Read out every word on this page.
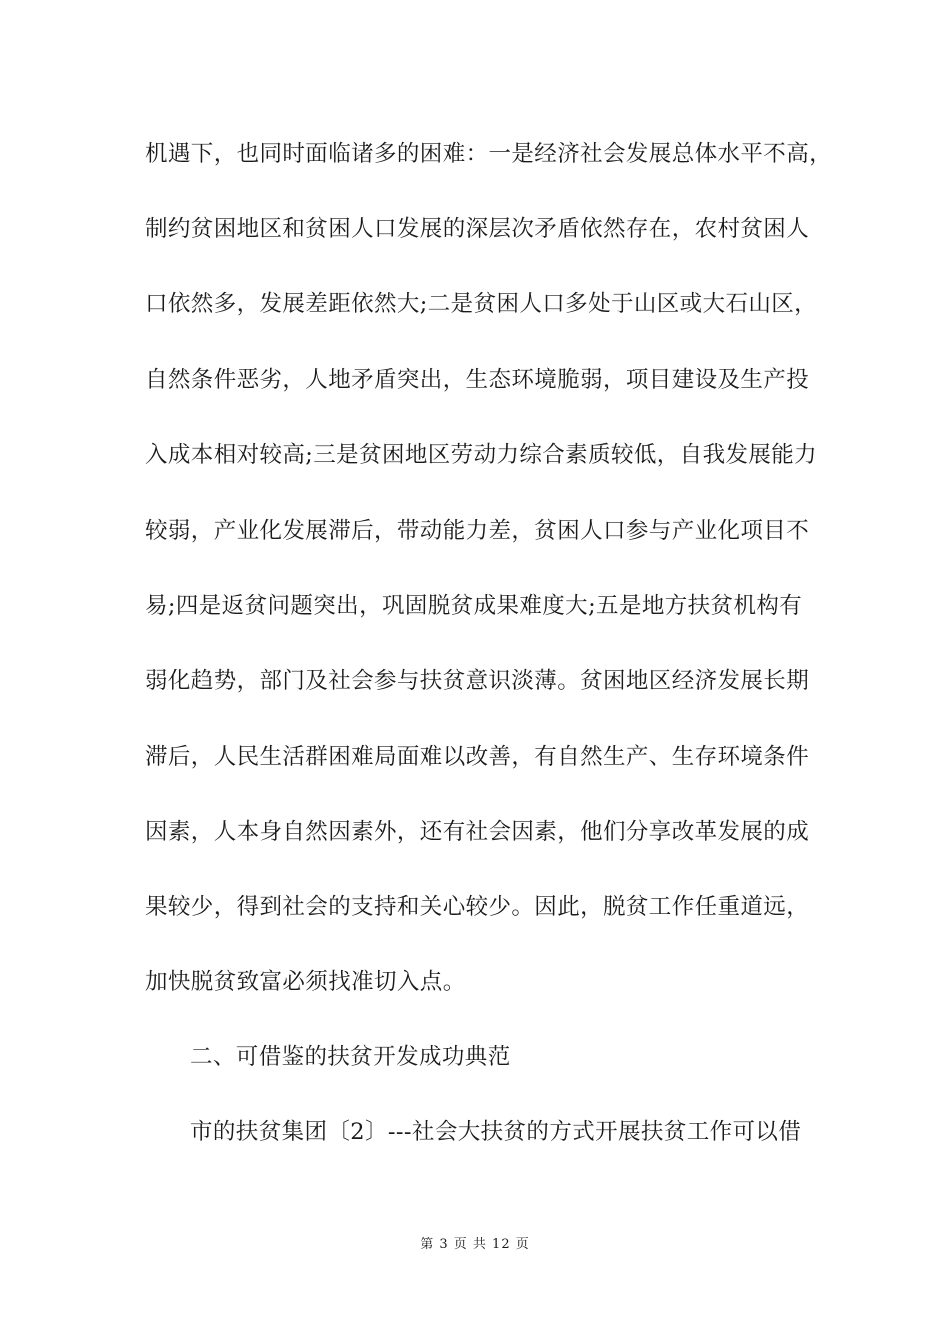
机遇下，也同时面临诸多的困难：一是经济社会发展总体水平不高，
制约贫困地区和贫困人口发展的深层次矛盾依然存在，农村贫困人
口依然多，发展差距依然大;二是贫困人口多处于山区或大石山区，
自然条件恶劣，人地矛盾突出，生态环境脆弱，项目建设及生产投
入成本相对较高;三是贫困地区劳动力综合素质较低，自我发展能力
较弱，产业化发展滞后，带动能力差，贫困人口参与产业化项目不
易;四是返贫问题突出，巩固脱贫成果难度大;五是地方扶贫机构有
弱化趋势，部门及社会参与扶贫意识淡薄。贫困地区经济发展长期
滞后，人民生活群困难局面难以改善，有自然生产、生存环境条件
因素，人本身自然因素外，还有社会因素，他们分享改革发展的成
果较少，得到社会的支持和关心较少。因此，脱贫工作任重道远，
加快脱贫致富必须找准切入点。
二、可借鉴的扶贫开发成功典范
市的扶贫集团〔2〕---社会大扶贫的方式开展扶贫工作可以借
第 3 页 共 12 页
